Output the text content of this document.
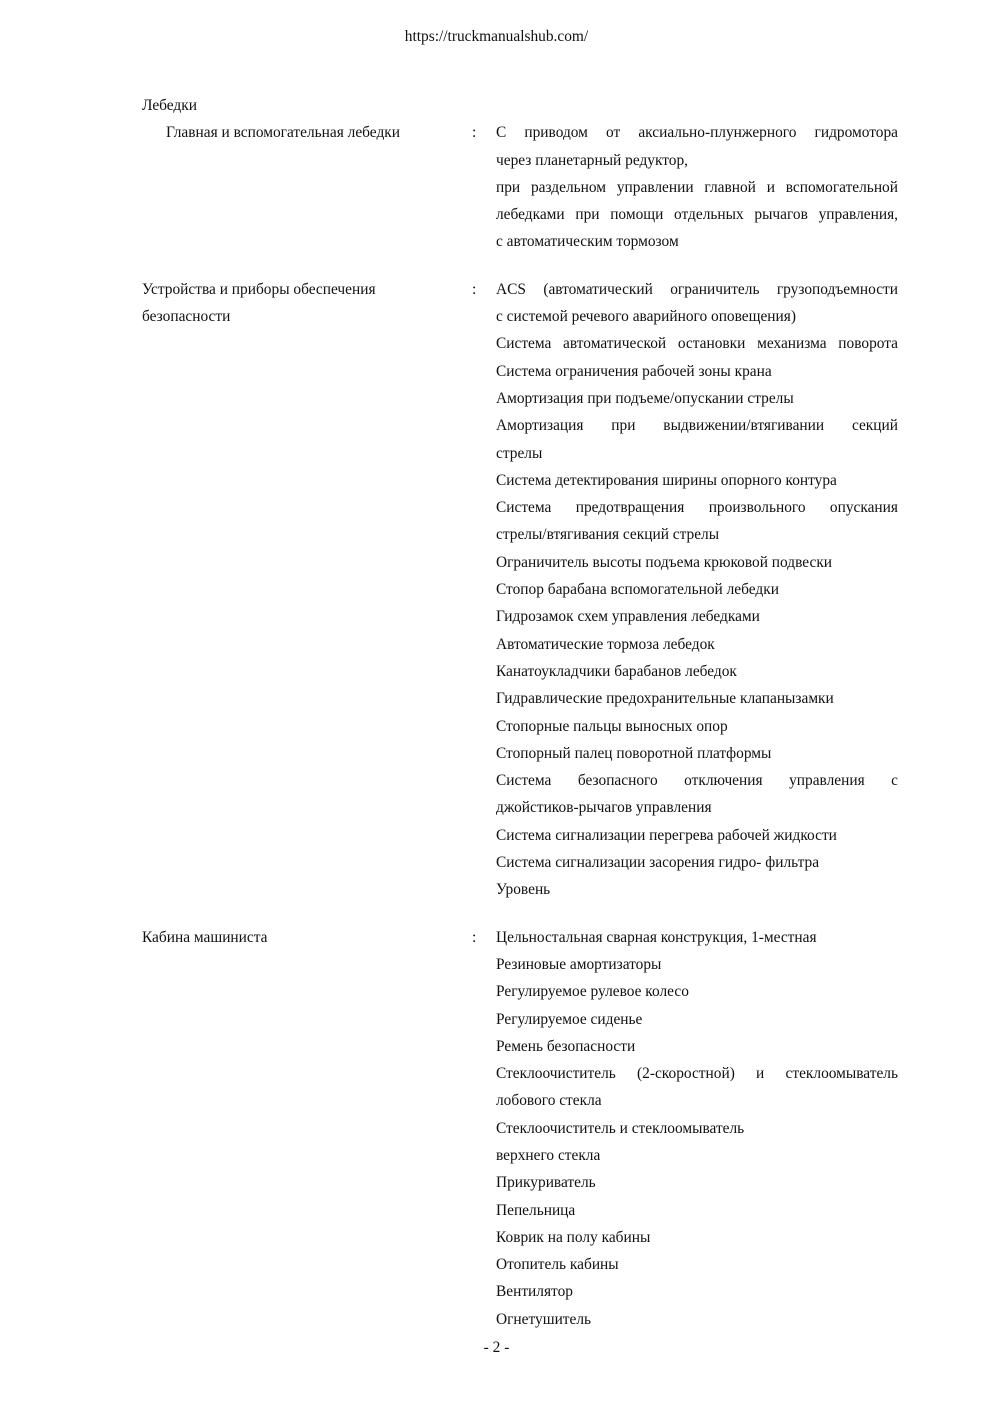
https://truckmanualshub.com/
Лебедки
Главная и вспомогательная лебедки	:	С приводом от аксиально-плунжерного гидромотора
через планетарный редуктор,
при раздельном управлении главной и вспомогательной
лебедками при помощи отдельных рычагов управления,
с автоматическим тормозом
Устройства и приборы обеспечения
безопасности
:	ACS (автоматический ограничитель грузоподъемности
с системой речевого аварийного оповещения)
Система автоматической остановки механизма поворота
Система ограничения рабочей зоны крана
Амортизация при подъеме/опускании стрелы
Амортизация при выдвижении/втягивании секций
стрелы
Система детектирования ширины опорного контура
Система предотвращения произвольного опускания
стрелы/втягивания секций стрелы
Ограничитель высоты подъема крюковой подвески
Стопор барабана вспомогательной лебедки
Гидрозамок схем управления лебедками
Автоматические тормоза лебедок
Канатоукладчики барабанов лебедок
Гидравлические предохранительные клапанызамки
Стопорные пальцы выносных опор
Стопорный палец поворотной платформы
Система безопасного отключения управления с
джойстиков-рычагов управления
Система сигнализации перегрева рабочей жидкости
Система сигнализации засорения гидро- фильтра
Уровень
Кабина машиниста	:	Цельностальная сварная конструкция, 1-местная
Резиновые амортизаторы
Регулируемое рулевое колесо
Регулируемое сиденье
Ремень безопасности
Стеклоочиститель (2-скоростной) и стеклоомыватель
лобового стекла
Стеклоочиститель и стеклоомыватель
верхнего стекла
Прикуриватель
Пепельница
Коврик на полу кабины
Отопитель кабины
Вентилятор
Огнетушитель
- 2 -
